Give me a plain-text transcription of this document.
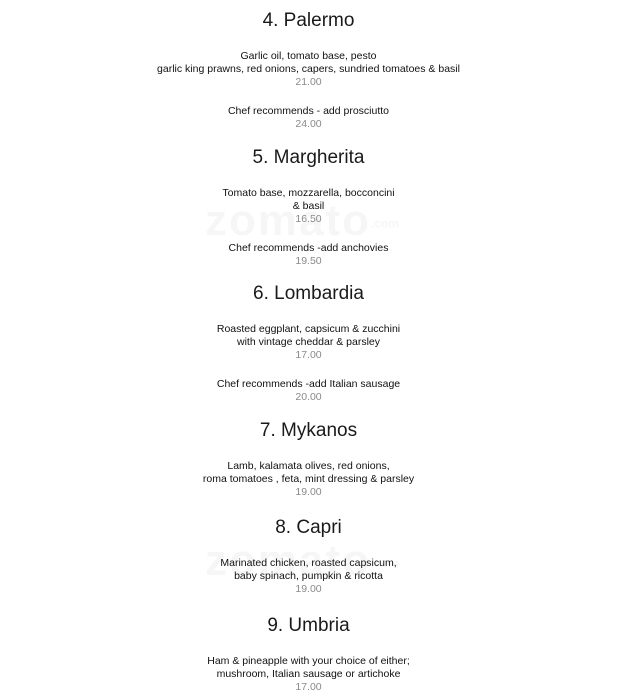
4. Palermo
Garlic oil, tomato base, pesto
garlic king prawns, red onions, capers, sundried tomatoes & basil
21.00
Chef recommends - add prosciutto
24.00
5. Margherita
Tomato base, mozzarella, bocconcini
& basil
16.50
Chef recommends -add anchovies
19.50
6. Lombardia
Roasted eggplant, capsicum & zucchini
with vintage cheddar & parsley
17.00
Chef recommends -add Italian sausage
20.00
7. Mykanos
Lamb, kalamata olives, red onions,
roma tomatoes , feta, mint dressing & parsley
19.00
8. Capri
Marinated chicken, roasted capsicum,
baby spinach, pumpkin & ricotta
19.00
9. Umbria
Ham & pineapple with your choice of either;
mushroom, Italian sausage or artichoke
17.00
